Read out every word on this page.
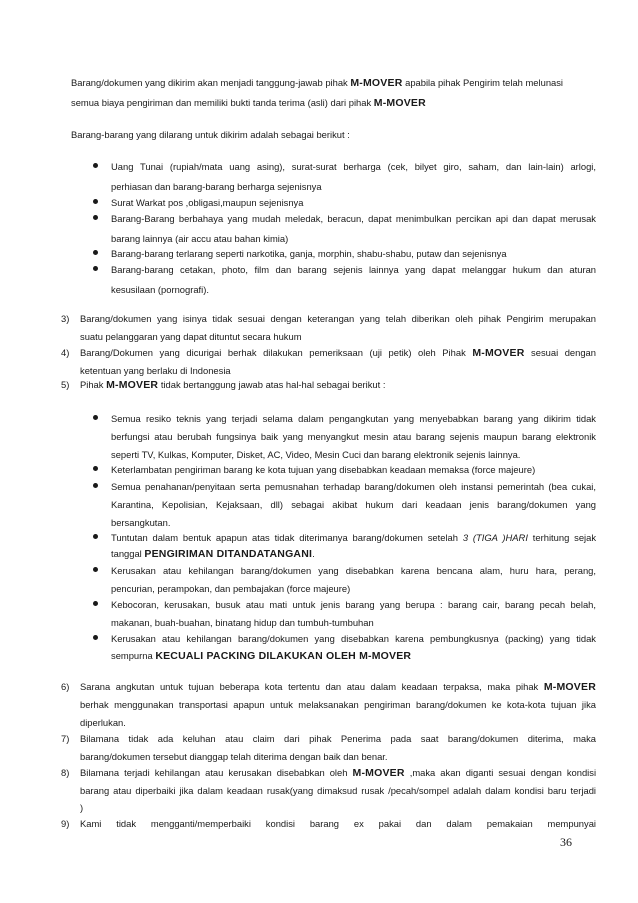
Barang/dokumen yang dikirim akan menjadi tanggung-jawab pihak M-MOVER apabila pihak Pengirim telah melunasi
semua biaya pengiriman dan memiliki bukti tanda terima (asli) dari pihak M-MOVER
Barang-barang yang dilarang untuk dikirim adalah sebagai berikut :
Uang Tunai (rupiah/mata uang asing), surat-surat berharga (cek, bilyet giro, saham, dan lain-lain) arlogi,
perhiasan dan barang-barang berharga sejenisnya
Surat Warkat pos ,obligasi,maupun sejenisnya
Barang-Barang berbahaya yang mudah meledak, beracun, dapat menimbulkan percikan api dan dapat merusak
barang lainnya (air accu atau bahan kimia)
Barang-barang terlarang seperti narkotika, ganja, morphin, shabu-shabu, putaw dan sejenisnya
Barang-barang cetakan, photo, film dan barang sejenis lainnya yang dapat melanggar hukum dan aturan
kesusilaan (pornografi).
3) Barang/dokumen yang isinya tidak sesuai dengan keterangan yang telah diberikan oleh pihak Pengirim merupakan
suatu pelanggaran yang dapat dituntut secara hukum
4) Barang/Dokumen yang dicurigai berhak dilakukan pemeriksaan (uji petik) oleh Pihak M-MOVER sesuai dengan
ketentuan yang berlaku di Indonesia
5) Pihak M-MOVER tidak bertanggung jawab atas hal-hal sebagai berikut :
Semua resiko teknis yang terjadi selama dalam pengangkutan yang menyebabkan barang yang dikirim tidak
berfungsi atau berubah fungsinya baik yang menyangkut mesin atau barang sejenis maupun barang elektronik
seperti TV, Kulkas, Komputer, Disket, AC, Video, Mesin Cuci dan barang elektronik sejenis lainnya.
Keterlambatan pengiriman barang ke kota tujuan yang disebabkan keadaan memaksa (force majeure)
Semua penahanan/penyitaan serta pemusnahan terhadap barang/dokumen oleh instansi pemerintah (bea cukai,
Karantina, Kepolisian, Kejaksaan, dll) sebagai akibat hukum dari keadaan jenis barang/dokumen yang
bersangkutan.
Tuntutan dalam bentuk apapun atas tidak diterimanya barang/dokumen setelah 3 (TIGA )HARI terhitung sejak
tanggal PENGIRIMAN DITANDATANGANI.
Kerusakan atau kehilangan barang/dokumen yang disebabkan karena bencana alam, huru hara, perang,
pencurian, perampokan, dan pembajakan (force majeure)
Kebocoran, kerusakan, busuk atau mati untuk jenis barang yang berupa : barang cair, barang pecah belah,
makanan, buah-buahan, binatang hidup dan tumbuh-tumbuhan
Kerusakan atau kehilangan barang/dokumen yang disebabkan karena pembungkusnya (packing) yang tidak
sempurna KECUALI PACKING DILAKUKAN OLEH M-MOVER
6) Sarana angkutan untuk tujuan beberapa kota tertentu dan atau dalam keadaan terpaksa, maka pihak M-MOVER
berhak menggunakan transportasi apapun untuk melaksanakan pengiriman barang/dokumen ke kota-kota tujuan jika
diperlukan.
7) Bilamana tidak ada keluhan atau claim dari pihak Penerima pada saat barang/dokumen diterima, maka
barang/dokumen tersebut dianggap telah diterima dengan baik dan benar.
8) Bilamana terjadi kehilangan atau kerusakan disebabkan oleh M-MOVER ,maka akan diganti sesuai dengan kondisi
barang atau diperbaiki jika dalam keadaan rusak(yang dimaksud rusak /pecah/sompel adalah dalam kondisi baru terjadi
)
9) Kami tidak mengganti/memperbaiki kondisi barang ex pakai dan dalam pemakaian mempunyai
36
